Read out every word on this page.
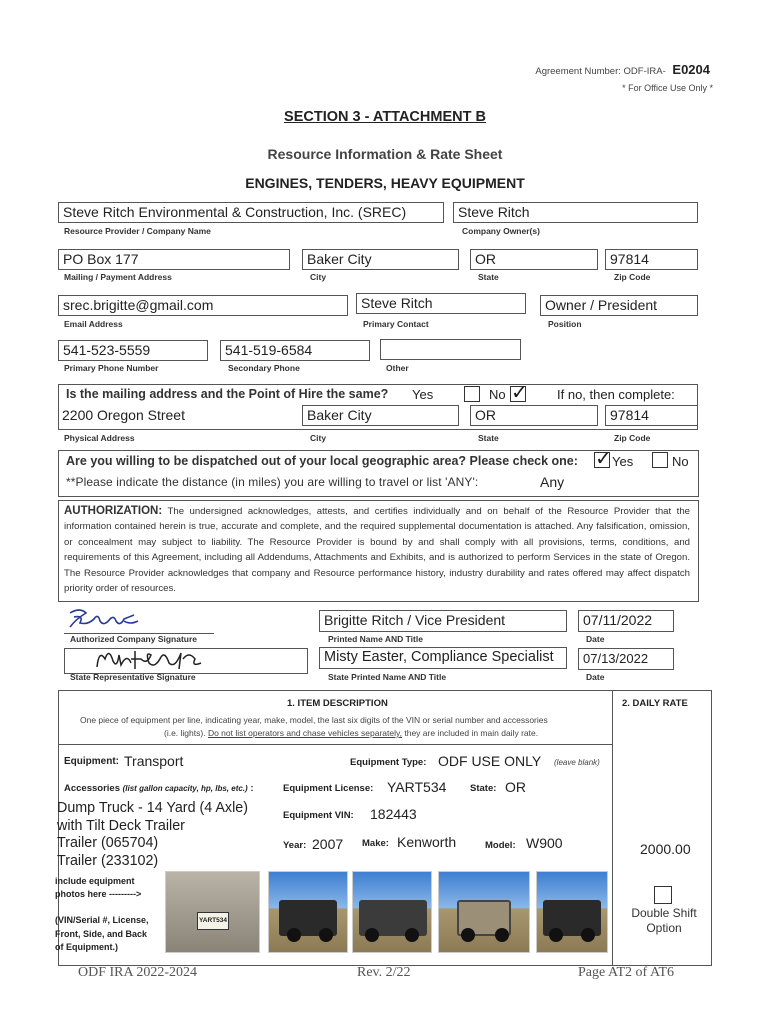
Agreement Number: ODF-IRA- E0204
* For Office Use Only *
SECTION 3 - ATTACHMENT B
Resource Information & Rate Sheet
ENGINES, TENDERS, HEAVY EQUIPMENT
Steve Ritch Environmental & Construction, Inc. (SREC)
Resource Provider / Company Name
Steve Ritch
Company Owner(s)
PO Box 177
Mailing / Payment Address
Baker City
City
OR
State
97814
Zip Code
srec.brigitte@gmail.com
Email Address
Steve Ritch
Primary Contact
Owner / President
Position
541-523-5559
Primary Phone Number
541-519-6584
Secondary Phone	Other
Is the mailing address and the Point of Hire the same? Yes	No ✓ If no, then complete:
2200 Oregon Street
Physical Address
Baker City
City
OR
State
97814
Zip Code
Are you willing to be dispatched out of your local geographic area? Please check one: ✓ Yes	No
**Please indicate the distance (in miles) you are willing to travel or list 'ANY':	Any
AUTHORIZATION: The undersigned acknowledges, attests, and certifies individually and on behalf of the Resource Provider that the information contained herein is true, accurate and complete, and the required supplemental documentation is attached. Any falsification, omission, or concealment may subject to liability. The Resource Provider is bound by and shall comply with all provisions, terms, conditions, and requirements of this Agreement, including all Addendums, Attachments and Exhibits, and is authorized to perform Services in the state of Oregon. The Resource Provider acknowledges that company and Resource performance history, industry durability and rates offered may affect dispatch priority order of resources.
Authorized Company Signature
Brigitte Ritch / Vice President
Printed Name AND Title
07/11/2022
Date
State Representative Signature
Misty Easter, Compliance Specialist
State Printed Name AND Title
07/13/2022
Date
1. ITEM DESCRIPTION	2. DAILY RATE
One piece of equipment per line, indicating year, make, model, the last six digits of the VIN or serial number and accessories
(i.e. lights). Do not list operators and chase vehicles separately, they are included in main daily rate.
Equipment: Transport	Equipment Type: ODF USE ONLY (leave blank)
Accessories (list gallon capacity, hp, lbs, etc.) :	Equipment License: YART534 State: OR
Dump Truck - 14 Yard (4 Axle)
with Tilt Deck Trailer
Trailer (065704)
Trailer (233102)
Equipment VIN: 182443
Year: 2007 Make: Kenworth	Model: W900	2000.00
include equipment
photos here --------->
(VIN/Serial #, License,
Front, Side, and Back
of Equipment.)
YART534
Double Shift
Option
ODF IRA 2022-2024	Rev. 2/22	Page AT2 of AT6
